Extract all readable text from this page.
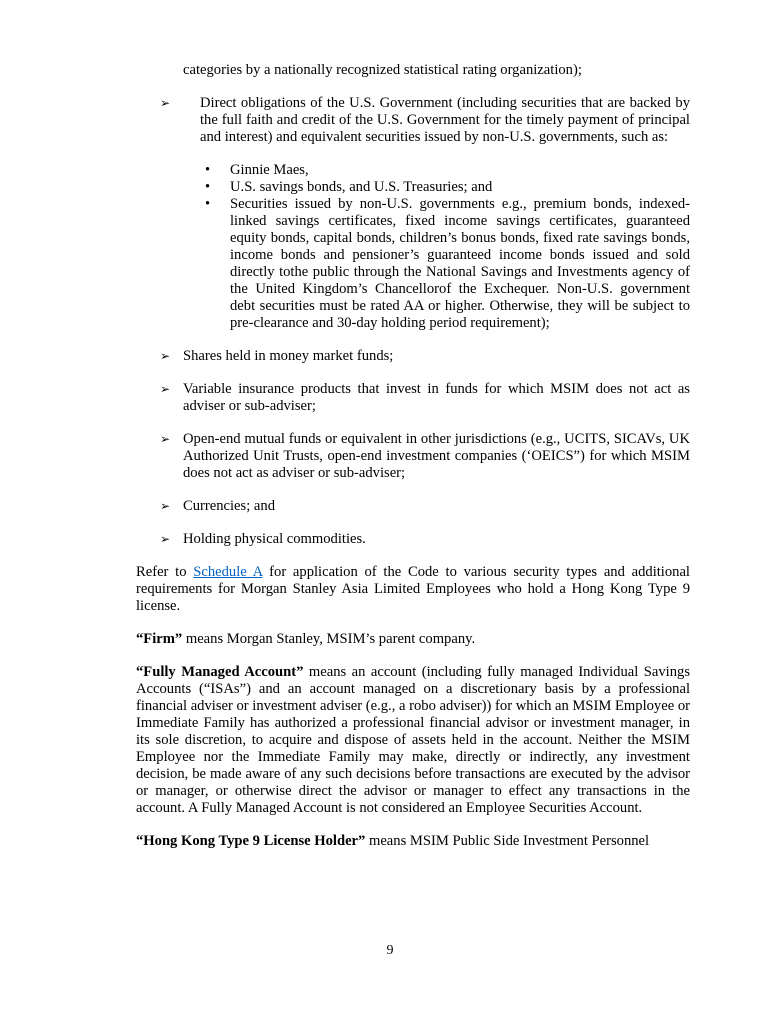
categories by a nationally recognized statistical rating organization);

➢ Direct obligations of the U.S. Government (including securities that are backed by the full faith and credit of the U.S. Government for the timely payment of principal and interest) and equivalent securities issued by non-U.S. governments, such as:
• Ginnie Maes,
• U.S. savings bonds, and U.S. Treasuries; and
• Securities issued by non-U.S. governments e.g., premium bonds, indexed-linked savings certificates, fixed income savings certificates, guaranteed equity bonds, capital bonds, children’s bonus bonds, fixed rate savings bonds, income bonds and pensioner’s guaranteed income bonds issued and sold directly tothe public through the National Savings and Investments agency of the United Kingdom’s Chancellorof the Exchequer. Non-U.S. government debt securities must be rated AA or higher. Otherwise, they will be subject to pre-clearance and 30-day holding period requirement);
➢ Shares held in money market funds;
➢ Variable insurance products that invest in funds for which MSIM does not act as adviser or sub-adviser;
➢ Open-end mutual funds or equivalent in other jurisdictions (e.g., UCITS, SICAVs, UK Authorized Unit Trusts, open-end investment companies (‘OEICS”) for which MSIM does not act as adviser or sub-adviser;
➢ Currencies; and
➢ Holding physical commodities.

Refer to Schedule A for application of the Code to various security types and additional requirements for Morgan Stanley Asia Limited Employees who hold a Hong Kong Type 9 license.

“Firm” means Morgan Stanley, MSIM’s parent company.

“Fully Managed Account” means an account (including fully managed Individual Savings Accounts (“ISAs”) and an account managed on a discretionary basis by a professional financial adviser or investment adviser (e.g., a robo adviser)) for which an MSIM Employee or Immediate Family has authorized a professional financial advisor or investment manager, in its sole discretion, to acquire and dispose of assets held in the account. Neither the MSIM Employee nor the Immediate Family may make, directly or indirectly, any investment decision, be made aware of any such decisions before transactions are executed by the advisor or manager, or otherwise direct the advisor or manager to effect any transactions in the account. A Fully Managed Account is not considered an Employee Securities Account.

“Hong Kong Type 9 License Holder” means MSIM Public Side Investment Personnel

9
